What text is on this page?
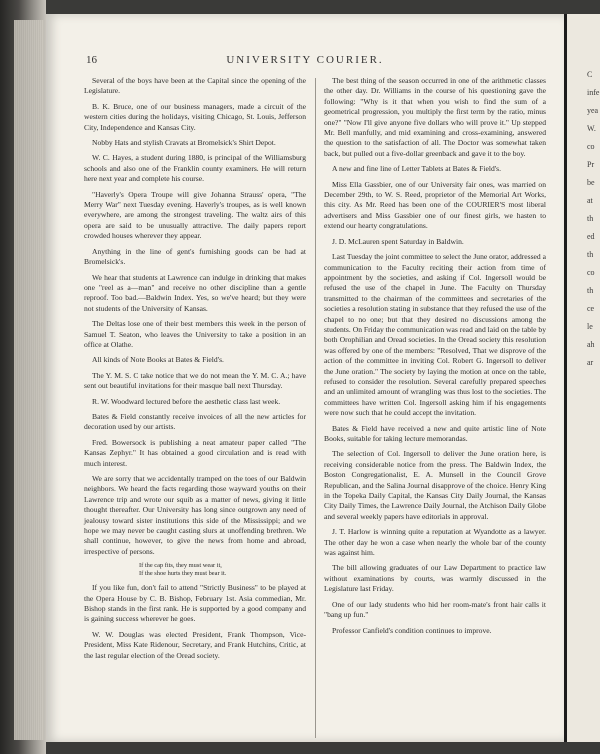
16	UNIVERSITY COURIER.

Several of the boys have been at the Capital since the opening of the Legislature.

B. K. Bruce, one of our business managers, made a circuit of the western cities during the holidays, visiting Chicago, St. Louis, Jefferson City, Independence and Kansas City.

Nobby Hats and stylish Cravats at Bromelsick's Shirt Depot.

W. C. Hayes, a student during 1880, is principal of the Williamsburg schools and also one of the Franklin county examiners. He will return here next year and complete his course.

"Haverly's Opera Troupe will give Johanna Strauss' opera, "The Merry War" next Tuesday evening. Haverly's troupes, as is well known everywhere, are among the strongest traveling. The waltz airs of this opera are said to be unusually attractive. The daily papers report crowded houses wherever they appear.

Anything in the line of gent's furnishing goods can be had at Bromelsick's.

We hear that students at Lawrence can indulge in drinking that makes one "reel as a—man" and receive no other discipline than a gentle reproof. Too bad.—Baldwin Index. Yes, so we've heard; but they were not students of the University of Kansas.

The Deltas lose one of their best members this week in the person of Samuel T. Seaton, who leaves the University to take a position in an office at Olathe.

All kinds of Note Books at Bates & Field's.

The Y. M. S. C take notice that we do not mean the Y. M. C. A.; have sent out beautiful invitations for their masque ball next Thursday.

R. W. Woodward lectured before the aesthetic class last week.

Bates & Field constantly receive invoices of all the new articles for decoration used by our artists.

Fred. Bowersock is publishing a neat amateur paper called "The Kansas Zephyr." It has obtained a good circulation and is read with much interest.

We are sorry that we accidentally tramped on the toes of our Baldwin neighbors. We heard the facts regarding those wayward youths on their Lawrence trip and wrote our squib as a matter of news, giving it little thought thereafter. Our University has long since outgrown any need of jealousy toward sister institutions this side of the Mississippi; and we hope we may never be caught casting slurs at unoffending brethren. We shall continue, however, to give the news from home and abroad, irrespective of persons.

If the cap fits, they must wear it,

If the shoe hurts they must bear it.

If you like fun, don't fail to attend "Strictly Business" to be played at the Opera House by C. B. Bishop, February 1st. Asia commedian, Mr. Bishop stands in the first rank. He is supported by a good company and is gaining success wherever he goes.

W. W. Douglas was elected President, Frank Thompson, Vice-President, Miss Kate Ridenour, Secretary, and Frank Hutchins, Critic, at the last regular election of the Oread society.

The best thing of the season occurred in one of the arithmetic classes the other day. Dr. Williams in the course of his questioning gave the following: "Why is it that when you wish to find the sum of a geometrical progression, you multiply the first term by the ratio, minus one?" "Now I'll give anyone five dollars who will prove it." Up stepped Mr. Bell manfully, and mid examining and cross-examining, answered the question to the satisfaction of all. The Doctor was somewhat taken back, but pulled out a five-dollar greenback and gave it to the boy.

A new and fine line of Letter Tablets at Bates & Field's.

Miss Ella Gassbier, one of our University fair ones, was married on December 29th, to W. S. Reed, proprietor of the Memorial Art Works, this city. As Mr. Reed has been one of the COURIER'S most liberal advertisers and Miss Gassbier one of our finest girls, we hasten to extend our hearty congratulations.

J. D. McLauren spent Saturday in Baldwin.

Last Tuesday the joint committee to select the June orator, addressed a communication to the Faculty reciting their action from time of appointment by the societies, and asking if Col. Ingersoll would be refused the use of the chapel in June. The Faculty on Thursday transmitted to the chairman of the committees and secretaries of the societies a resolution stating in substance that they refused the use of the chapel to no one; but that they desired no discussions among the students. On Friday the communication was read and laid on the table by both Orophilian and Oread societies. In the Oread society this resolution was offered by one of the members: "Resolved, That we disprove of the action of the committee in inviting Col. Robert G. Ingersoll to deliver the June oration." The society by laying the motion at once on the table, refused to consider the resolution. Several carefully prepared speeches and an unlimited amount of wrangling was thus lost to the societies. The committees have written Col. Ingersoll asking him if his engagements were now such that he could accept the invitation.

Bates & Field have received a new and quite artistic line of Note Books, suitable for taking lecture memorandas.

The selection of Col. Ingersoll to deliver the June oration here, is receiving considerable notice from the press. The Baldwin Index, the Boston Congregationalist, E. A. Munsell in the Council Grove Republican, and the Salina Journal disapprove of the choice. Henry King in the Topeka Daily Capital, the Kansas City Daily Journal, the Kansas City Daily Times, the Lawrence Daily Journal, the Atchison Daily Globe and several weekly papers have editorials in approval.

J. T. Harlow is winning quite a reputation at Wyandotte as a lawyer. The other day he won a case when nearly the whole bar of the county was against him.

The bill allowing graduates of our Law Department to practice law without examinations by courts, was warmly discussed in the Legislature last Friday.

One of our lady students who hid her room-mate's front hair calls it "bang up fun."

Professor Canfield's condition continues to improve.

C
infe
yea
W.
co
Pr
be
at
th
ed
th
co
th
ce
le
ah
ar
